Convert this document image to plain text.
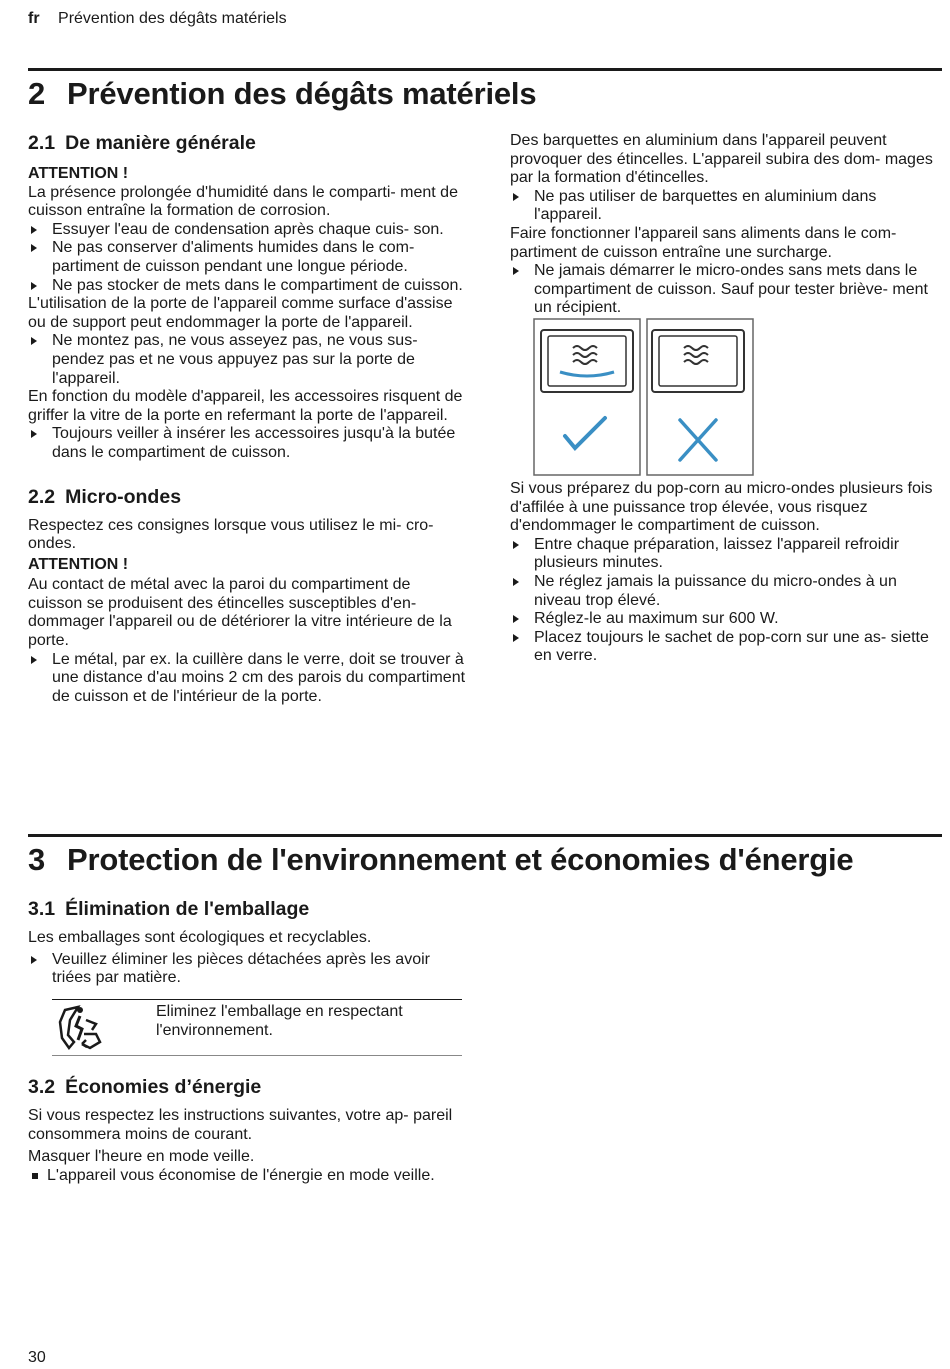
fr Prévention des dégâts matériels
2 Prévention des dégâts matériels
2.1 De manière générale

ATTENTION !

La présence prolongée d'humidité dans le comparti- ment de cuisson entraîne la formation de corrosion.

Essuyer l'eau de condensation après chaque cuis- son.
Ne pas conserver d'aliments humides dans le com- partiment de cuisson pendant une longue période.
Ne pas stocker de mets dans le compartiment de cuisson.

L'utilisation de la porte de l'appareil comme surface d'assise ou de support peut endommager la porte de l'appareil.

Ne montez pas, ne vous asseyez pas, ne vous sus- pendez pas et ne vous appuyez pas sur la porte de l'appareil.

En fonction du modèle d'appareil, les accessoires risquent de griffer la vitre de la porte en refermant la porte de l'appareil.

Toujours veiller à insérer les accessoires jusqu'à la butée dans le compartiment de cuisson.
2.2 Micro-ondes

Respectez ces consignes lorsque vous utilisez le mi- cro-ondes.

ATTENTION !

Au contact de métal avec la paroi du compartiment de cuisson se produisent des étincelles susceptibles d'en- dommager l'appareil ou de détériorer la vitre intérieure de la porte.

Le métal, par ex. la cuillère dans le verre, doit se trouver à une distance d'au moins 2 cm des parois du compartiment de cuisson et de l'intérieur de la porte.

Des barquettes en aluminium dans l'appareil peuvent provoquer des étincelles. L'appareil subira des dom- mages par la formation d'étincelles.

Ne pas utiliser de barquettes en aluminium dans l'appareil.

Faire fonctionner l'appareil sans aliments dans le com- partiment de cuisson entraîne une surcharge.

Ne jamais démarrer le micro-ondes sans mets dans le compartiment de cuisson. Sauf pour tester briève- ment un récipient.

Si vous préparez du pop-corn au micro-ondes plusieurs fois d'affilée à une puissance trop élevée, vous risquez d'endommager le compartiment de cuisson.

Entre chaque préparation, laissez l'appareil refroidir plusieurs minutes.
Ne réglez jamais la puissance du micro-ondes à un niveau trop élevé.
Réglez-le au maximum sur 600 W.
Placez toujours le sachet de pop-corn sur une as- siette en verre.
3 Protection de l'environnement et économies d'énergie
3.1 Élimination de l'emballage

Les emballages sont écologiques et recyclables.

Veuillez éliminer les pièces détachées après les avoir triées par matière.
Eliminez l'emballage en respectant l'environnement.
3.2 Économies d’énergie

Si vous respectez les instructions suivantes, votre ap- pareil consommera moins de courant.

Masquer l'heure en mode veille.

L'appareil vous économise de l'énergie en mode veille.
30
